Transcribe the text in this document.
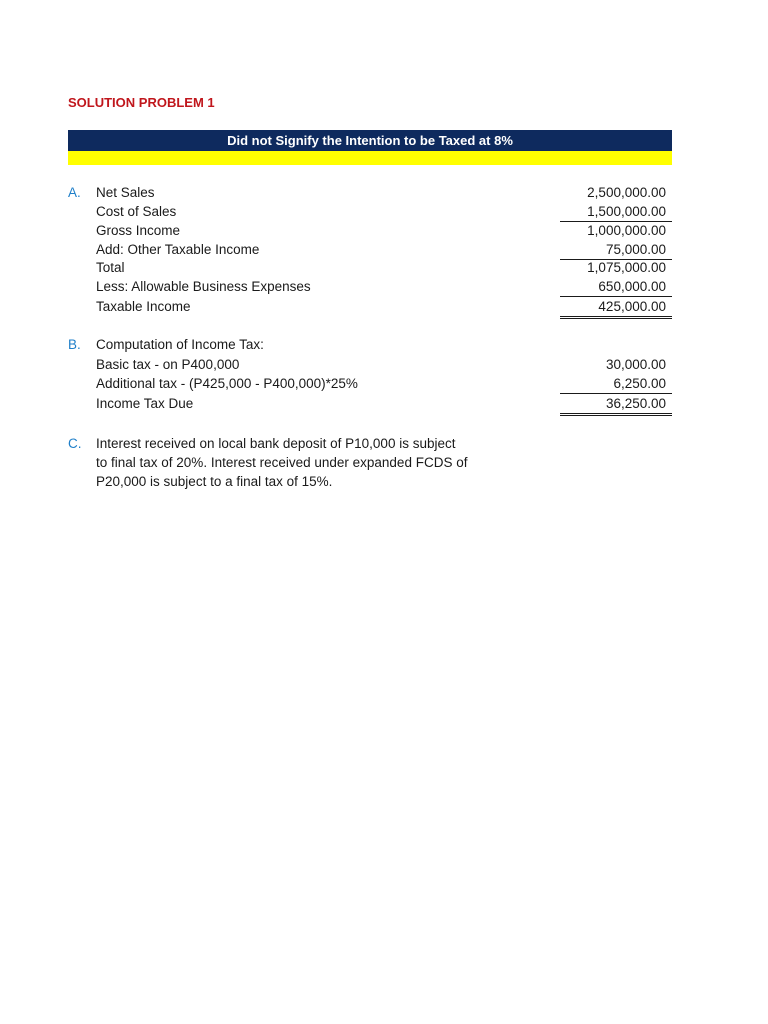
SOLUTION PROBLEM 1
Did not Signify the Intention to be Taxed at 8%
A.	Net Sales	2,500,000.00
Cost of Sales	1,500,000.00
Gross Income	1,000,000.00
Add: Other Taxable Income	75,000.00
Total	1,075,000.00
Less: Allowable Business Expenses	650,000.00
Taxable Income	425,000.00
B.	Computation of Income Tax:
Basic tax - on P400,000	30,000.00
Additional tax - (P425,000 - P400,000)*25%	6,250.00
Income Tax Due	36,250.00
C.	Interest received on local bank deposit of P10,000 is subject
to final tax of 20%. Interest received under expanded FCDS of
P20,000 is subject to a final tax of 15%.
